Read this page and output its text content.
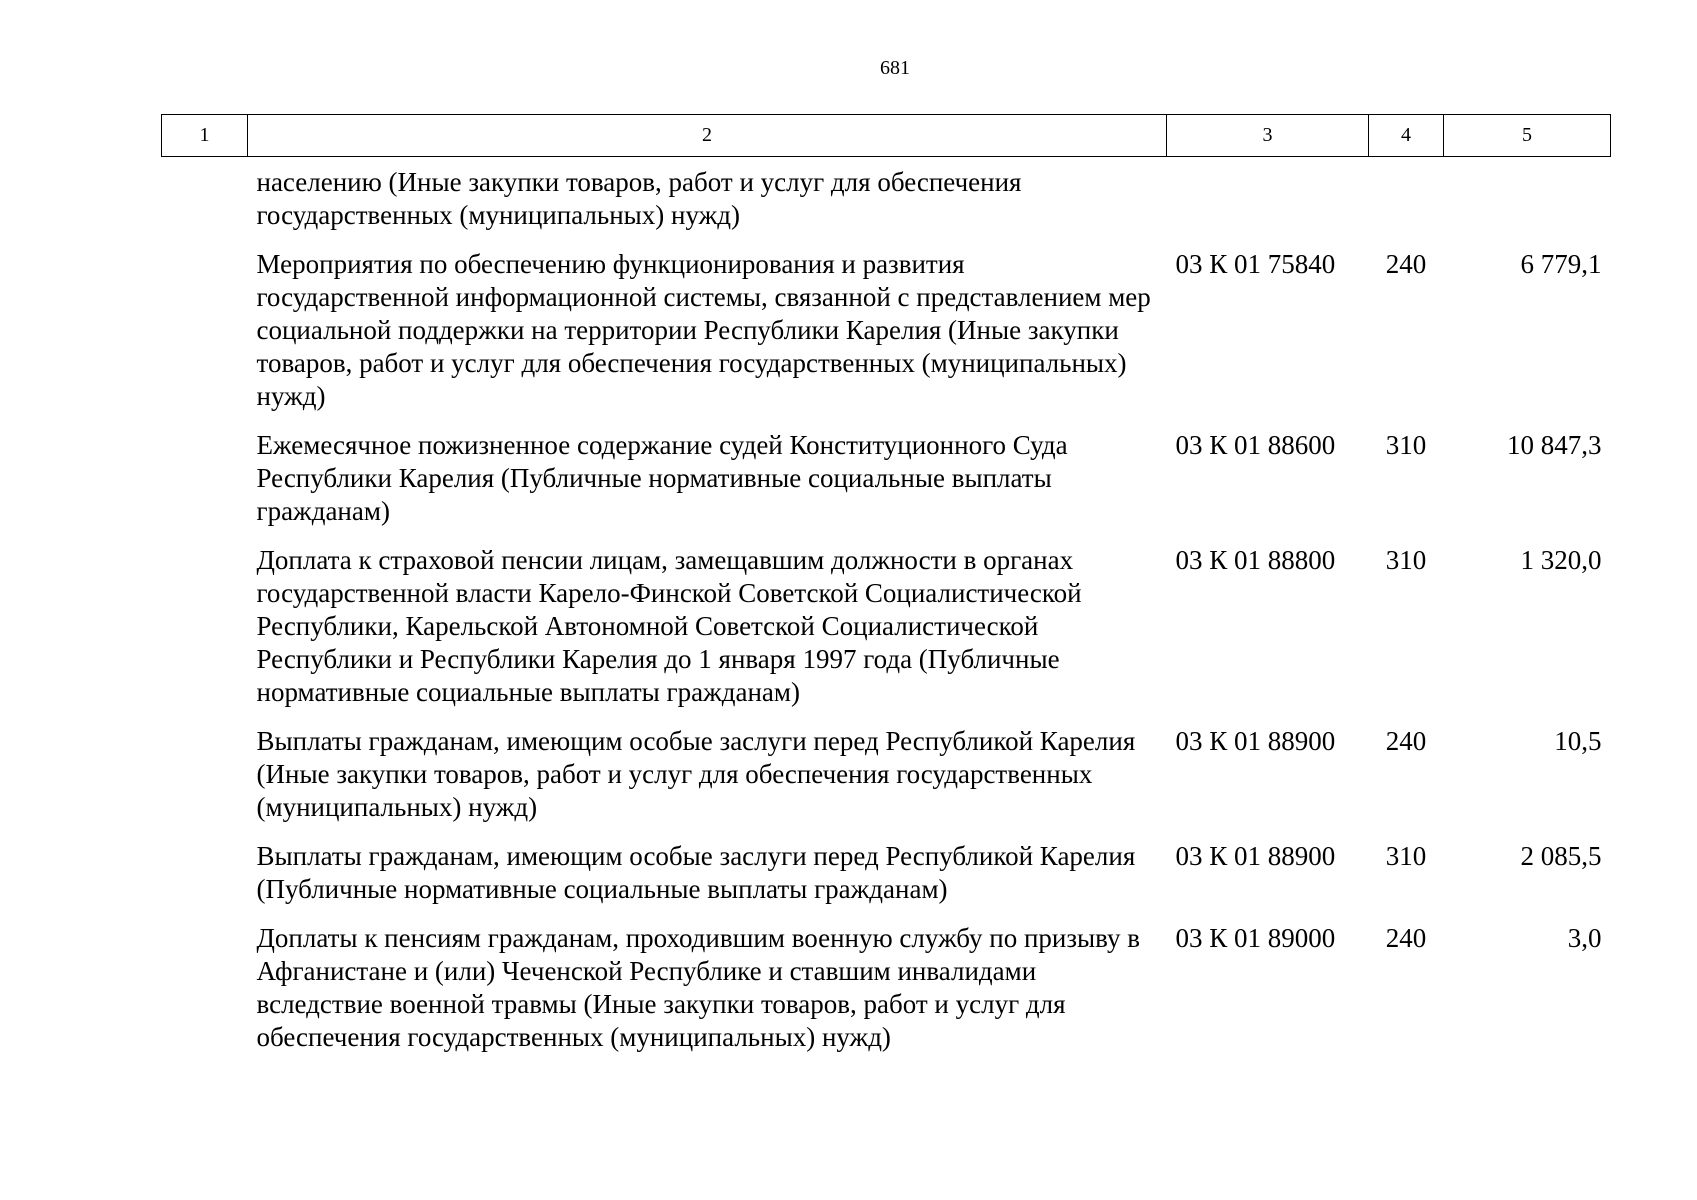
681
1	2	3	4	5
	населению (Иные закупки товаров, работ и услуг для обеспечения государственных (муниципальных) нужд)			
	Мероприятия по обеспечению функционирования и развития государственной информационной системы, связанной с представлением мер социальной поддержки на территории Республики Карелия (Иные закупки товаров, работ и услуг для обеспечения государственных (муниципальных) нужд)	03 К 01 75840	240	6 779,1
	Ежемесячное пожизненное содержание судей Конституционного Суда Республики Карелия (Публичные нормативные социальные выплаты гражданам)	03 К 01 88600	310	10 847,3
	Доплата к страховой пенсии лицам, замещавшим должности в органах государственной власти Карело-Финской Советской Социалистической Республики, Карельской Автономной Советской Социалистической Республики и Республики Карелия до 1 января 1997 года (Публичные нормативные социальные выплаты гражданам)	03 К 01 88800	310	1 320,0
	Выплаты гражданам, имеющим особые заслуги перед Республикой Карелия (Иные закупки товаров, работ и услуг для обеспечения государственных (муниципальных) нужд)	03 К 01 88900	240	10,5
	Выплаты гражданам, имеющим особые заслуги перед Республикой Карелия (Публичные нормативные социальные выплаты гражданам)	03 К 01 88900	310	2 085,5
	Доплаты к пенсиям гражданам, проходившим военную службу по призыву в Афганистане и (или) Чеченской Республике и ставшим инвалидами вследствие военной травмы (Иные закупки товаров, работ и услуг для обеспечения государственных (муниципальных) нужд)	03 К 01 89000	240	3,0
